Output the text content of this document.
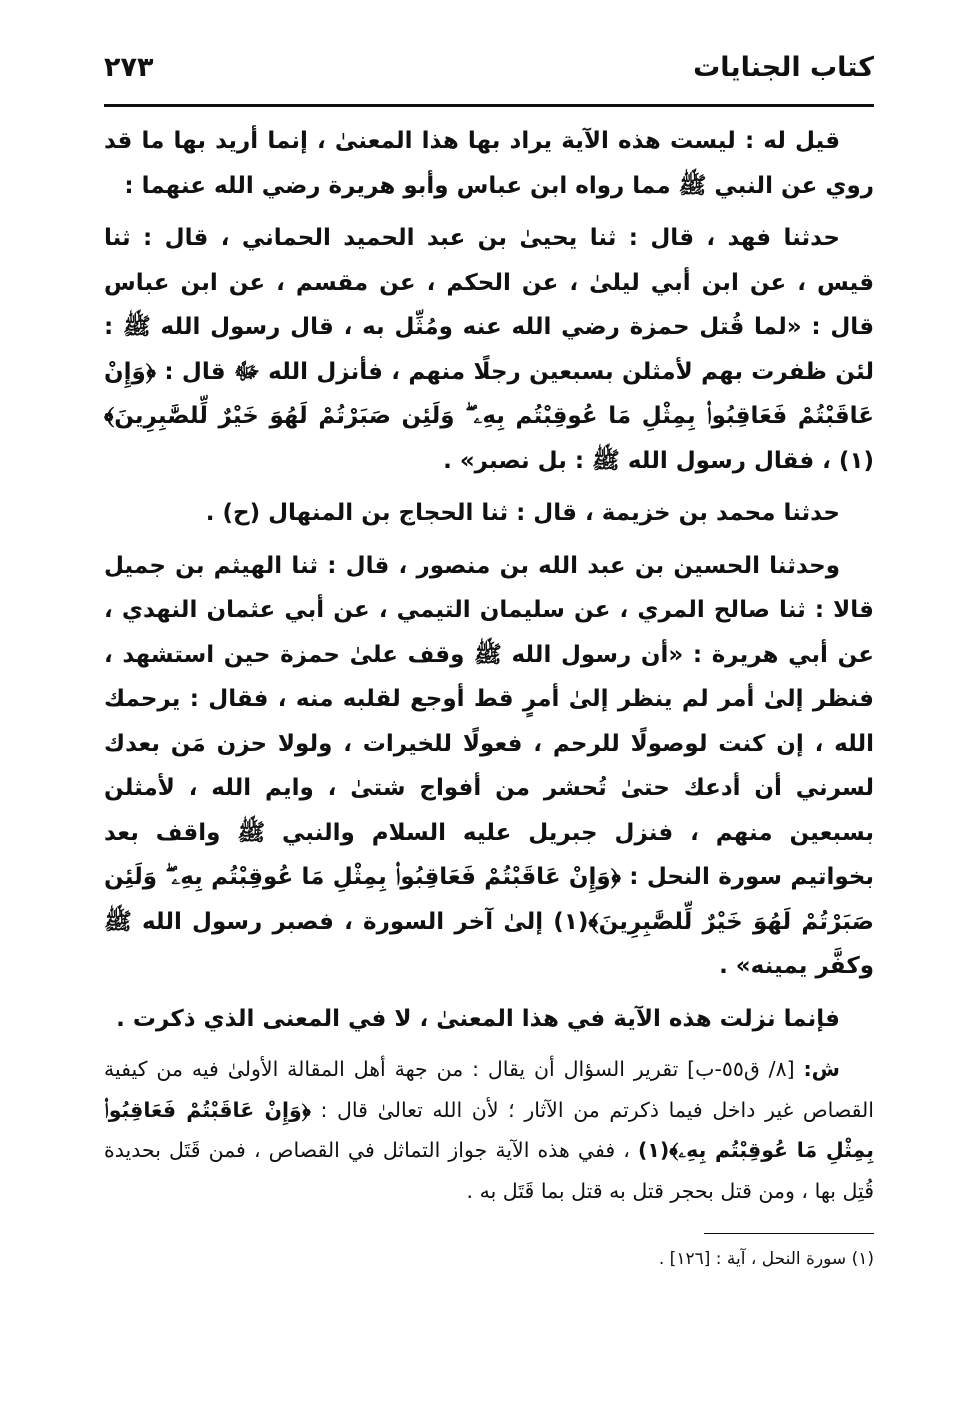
كتاب الجنايات
٢٧٣

قيل له : ليست هذه الآية يراد بها هذا المعنىٰ ، إنما أريد بها ما قد روي عن النبي ﷺ مما رواه ابن عباس وأبو هريرة رضي الله عنهما :

حدثنا فهد ، قال : ثنا يحيىٰ بن عبد الحميد الحماني ، قال : ثنا قيس ، عن ابن أبي ليلىٰ ، عن الحكم ، عن مقسم ، عن ابن عباس قال : «لما قُتل حمزة رضي الله عنه ومُثِّل به ، قال رسول الله ﷺ : لئن ظفرت بهم لأمثلن بسبعين رجلًا منهم ، فأنزل الله ﷻ قال : ﴿وَإِنْ عَاقَبْتُمْ فَعَاقِبُوا۟ بِمِثْلِ مَا عُوقِبْتُم بِهِۦ ۖ وَلَئِن صَبَرْتُمْ لَهُوَ خَيْرٌ لِّلصَّٰبِرِينَ﴾(١) ، فقال رسول الله ﷺ : بل نصبر» .

حدثنا محمد بن خزيمة ، قال : ثنا الحجاج بن المنهال (ح) .

وحدثنا الحسين بن عبد الله بن منصور ، قال : ثنا الهيثم بن جميل قالا : ثنا صالح المري ، عن سليمان التيمي ، عن أبي عثمان النهدي ، عن أبي هريرة : «أن رسول الله ﷺ وقف علىٰ حمزة حين استشهد ، فنظر إلىٰ أمر لم ينظر إلىٰ أمرٍ قط أوجع لقلبه منه ، فقال : يرحمك الله ، إن كنت لوصولًا للرحم ، فعولًا للخيرات ، ولولا حزن مَن بعدك لسرني أن أدعك حتىٰ تُحشر من أفواج شتىٰ ، وايم الله ، لأمثلن بسبعين منهم ، فنزل جبريل عليه السلام والنبي ﷺ واقف بعد بخواتيم سورة النحل : ﴿وَإِنْ عَاقَبْتُمْ فَعَاقِبُوا۟ بِمِثْلِ مَا عُوقِبْتُم بِهِۦ ۖ وَلَئِن صَبَرْتُمْ لَهُوَ خَيْرٌ لِّلصَّٰبِرِينَ﴾(١) إلىٰ آخر السورة ، فصبر رسول الله ﷺ وكفَّر يمينه» .

فإنما نزلت هذه الآية في هذا المعنىٰ ، لا في المعنى الذي ذكرت .

ش: [٨/ ق٥٥-ب] تقرير السؤال أن يقال : من جهة أهل المقالة الأولىٰ فيه من كيفية القصاص غير داخل فيما ذكرتم من الآثار ؛ لأن الله تعالىٰ قال : ﴿وَإِنْ عَاقَبْتُمْ فَعَاقِبُوا۟ بِمِثْلِ مَا عُوقِبْتُم بِهِۦ﴾(١) ، ففي هذه الآية جواز التماثل في القصاص ، فمن قَتَل بحديدة قُتِل بها ، ومن قتل بحجر قتل به قتل بما قَتَل به .

(١) سورة النحل ، آية : [١٢٦] .
